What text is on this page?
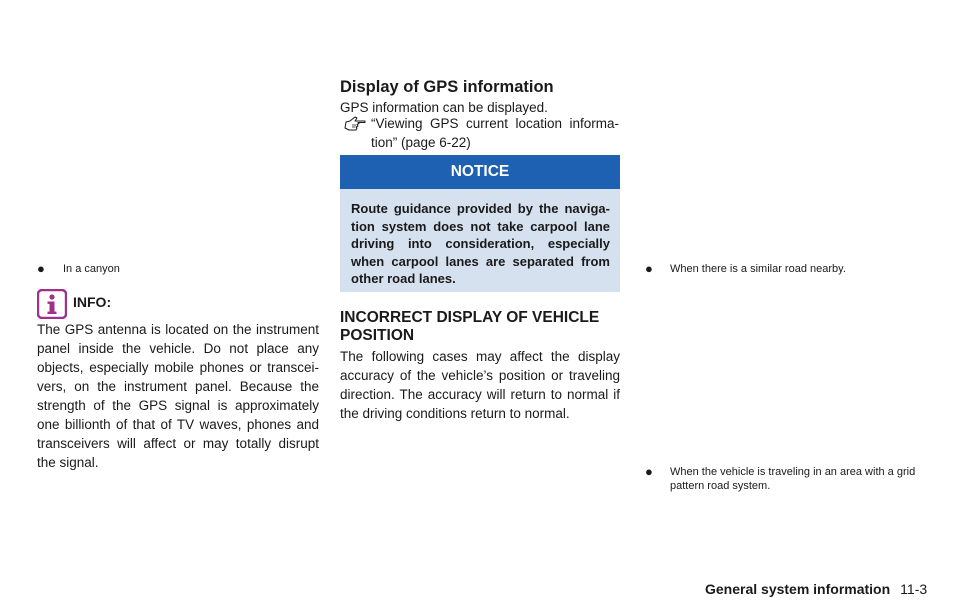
● In a canyon
INFO:
The GPS antenna is located on the instrument panel inside the vehicle. Do not place any objects, especially mobile phones or transceivers, on the instrument panel. Because the strength of the GPS signal is approximately one billionth of that of TV waves, phones and transceivers will affect or may totally disrupt the signal.
Display of GPS information
GPS information can be displayed.
“Viewing GPS current location information” (page 6-22)
NOTICE
Route guidance provided by the navigation system does not take carpool lane driving into consideration, especially when carpool lanes are separated from other road lanes.
INCORRECT DISPLAY OF VEHICLE POSITION
The following cases may affect the display accuracy of the vehicle’s position or traveling direction. The accuracy will return to normal if the driving conditions return to normal.
● When there is a similar road nearby.
● When the vehicle is traveling in an area with a grid pattern road system.
General system information 11-3
